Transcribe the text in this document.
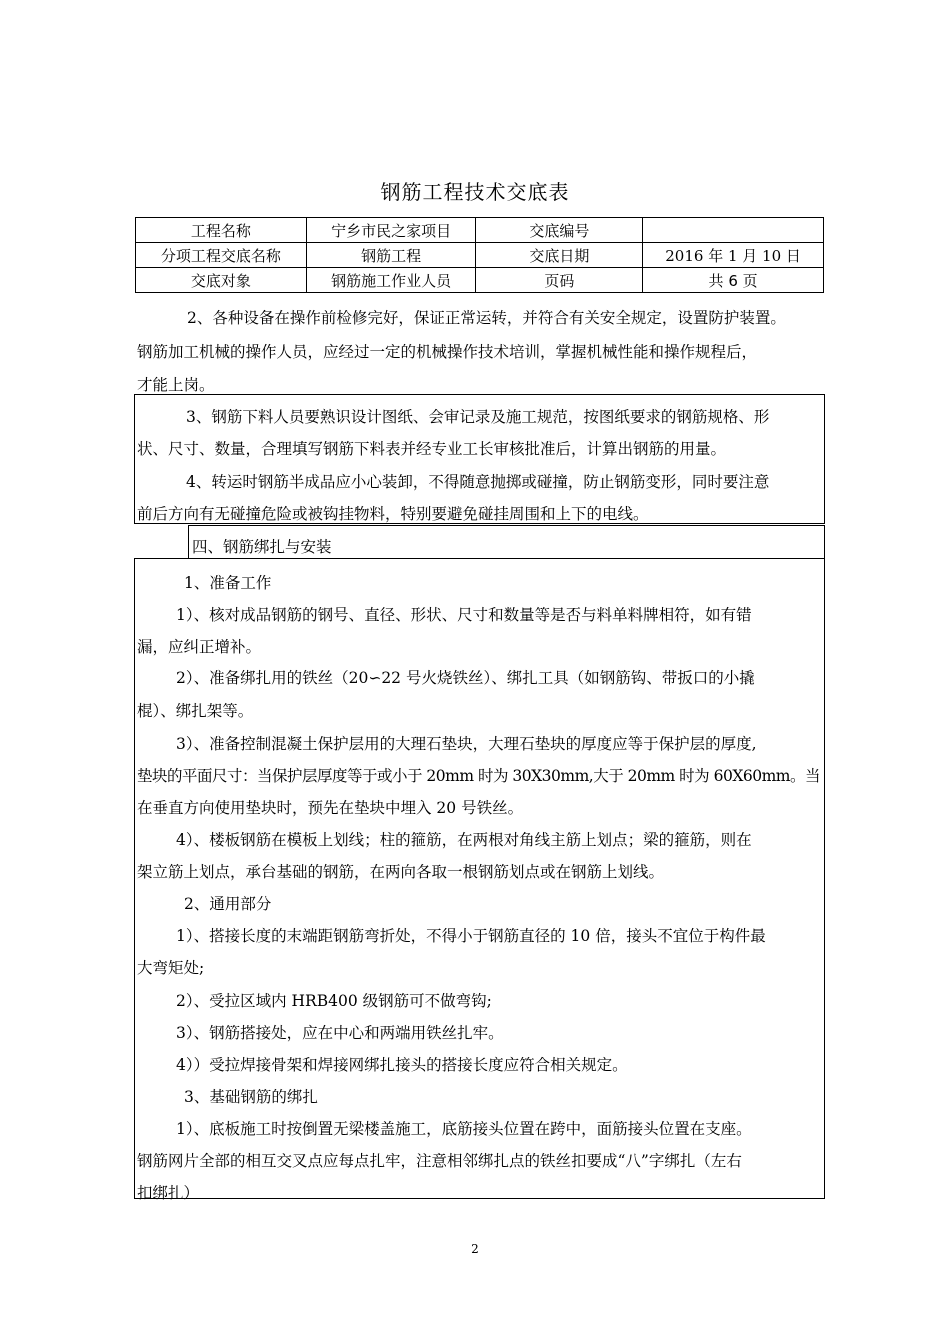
钢筋工程技术交底表
工程名称	宁乡市民之家项目	交底编号	
分项工程交底名称	钢筋工程	交底日期	2016 年 1 月 10 日
交底对象	钢筋施工作业人员	页码	共 6 页
2、各种设备在操作前检修完好，保证正常运转，并符合有关安全规定，设置防护装置。
钢筋加工机械的操作人员，应经过一定的机械操作技术培训，掌握机械性能和操作规程后，
才能上岗。
3、钢筋下料人员要熟识设计图纸、会审记录及施工规范，按图纸要求的钢筋规格、形
状、尺寸、数量，合理填写钢筋下料表并经专业工长审核批准后，计算出钢筋的用量。
4、转运时钢筋半成品应小心装卸，不得随意抛掷或碰撞，防止钢筋变形，同时要注意
前后方向有无碰撞危险或被钩挂物料，特别要避免碰挂周围和上下的电线。
四、钢筋绑扎与安装
1、准备工作
1）、核对成品钢筋的钢号、直径、形状、尺寸和数量等是否与料单料牌相符，如有错
漏，应纠正增补。
2）、准备绑扎用的铁丝（20∽22 号火烧铁丝）、绑扎工具（如钢筋钩、带扳口的小撬
棍）、绑扎架等。
3）、准备控制混凝土保护层用的大理石垫块，大理石垫块的厚度应等于保护层的厚度,
垫块的平面尺寸：当保护层厚度等于或小于 20mm 时为 30X30mm,大于 20mm 时为 60X60mm。当
在垂直方向使用垫块时，预先在垫块中埋入 20 号铁丝。
4）、楼板钢筋在模板上划线；柱的箍筋，在两根对角线主筋上划点；梁的箍筋，则在
架立筋上划点，承台基础的钢筋，在两向各取一根钢筋划点或在钢筋上划线。
2、通用部分
1）、搭接长度的末端距钢筋弯折处，不得小于钢筋直径的 10 倍，接头不宜位于构件最
大弯矩处;
2）、受拉区域内 HRB400 级钢筋可不做弯钩;
3）、钢筋搭接处，应在中心和两端用铁丝扎牢。
4））受拉焊接骨架和焊接网绑扎接头的搭接长度应符合相关规定。
3、基础钢筋的绑扎
1）、底板施工时按倒置无梁楼盖施工，底筋接头位置在跨中，面筋接头位置在支座。
钢筋网片全部的相互交叉点应每点扎牢，注意相邻绑扎点的铁丝扣要成“八”字绑扎（左右
扣绑扎）
2
